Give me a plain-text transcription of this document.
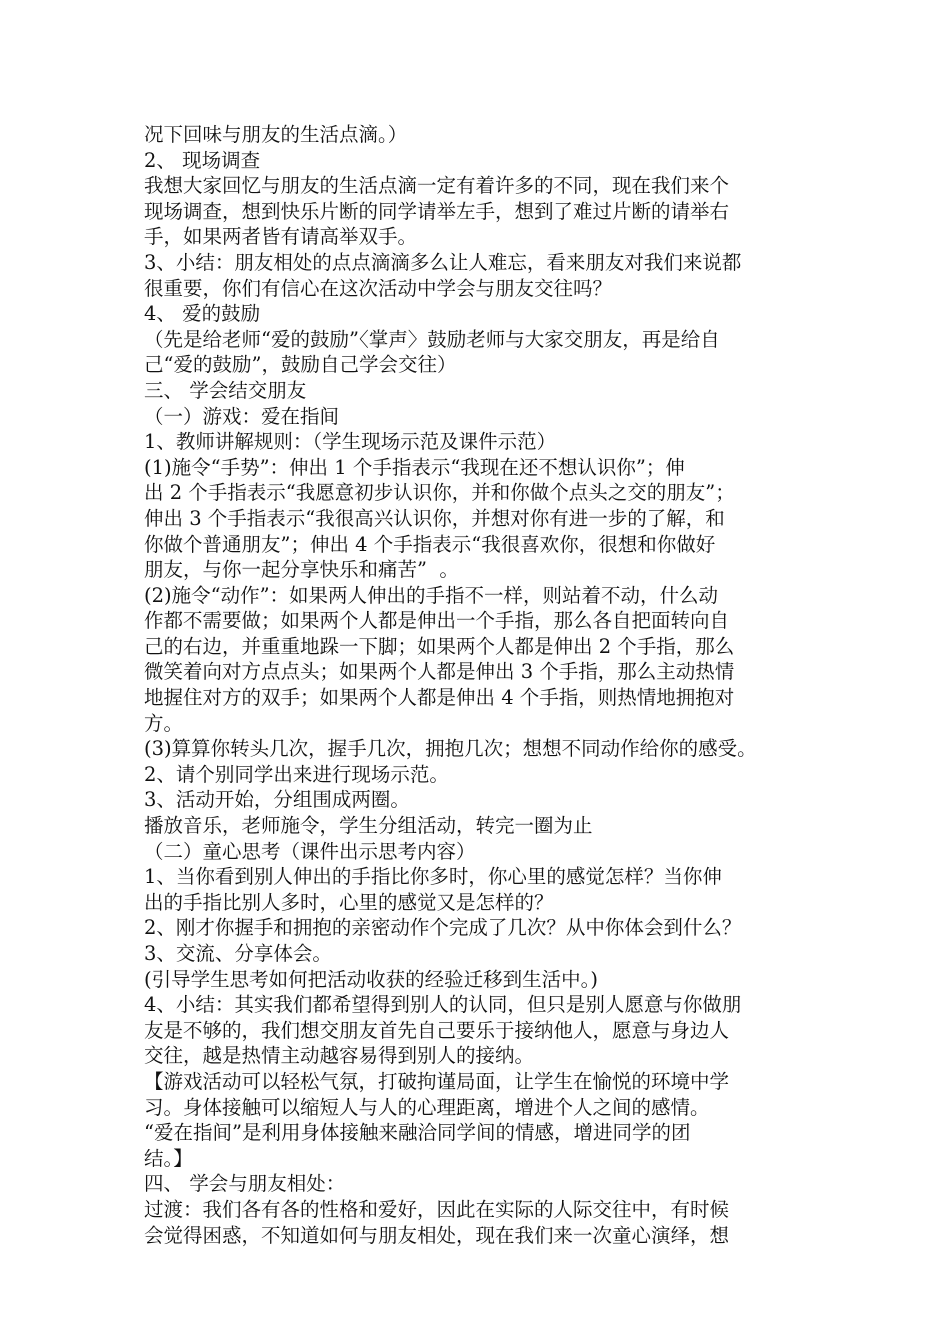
况下回味与朋友的生活点滴。）
2、 现场调查
我想大家回忆与朋友的生活点滴一定有着许多的不同，现在我们来个
现场调查，想到快乐片断的同学请举左手，想到了难过片断的请举右
手，如果两者皆有请高举双手。
3、小结：朋友相处的点点滴滴多么让人难忘，看来朋友对我们来说都
很重要，你们有信心在这次活动中学会与朋友交往吗？
4、 爱的鼓励
（先是给老师“爱的鼓励”〈掌声〉鼓励老师与大家交朋友，再是给自
己“爱的鼓励”，鼓励自己学会交往）
三、 学会结交朋友
（一）游戏：爱在指间
1、教师讲解规则：（学生现场示范及课件示范）
(1)施令“手势”：伸出 1 个手指表示“我现在还不想认识你”；伸
出 2 个手指表示“我愿意初步认识你，并和你做个点头之交的朋友”；
伸出 3 个手指表示“我很高兴认识你，并想对你有进一步的了解，和
你做个普通朋友”；伸出 4 个手指表示“我很喜欢你，很想和你做好
朋友，与你一起分享快乐和痛苦”  。
(2)施令“动作”：如果两人伸出的手指不一样，则站着不动，什么动
作都不需要做；如果两个人都是伸出一个手指，那么各自把面转向自
己的右边，并重重地跺一下脚；如果两个人都是伸出 2 个手指，那么
微笑着向对方点点头；如果两个人都是伸出 3 个手指，那么主动热情
地握住对方的双手；如果两个人都是伸出 4 个手指，则热情地拥抱对
方。
(3)算算你转头几次，握手几次，拥抱几次；想想不同动作给你的感受。
2、请个别同学出来进行现场示范。
3、活动开始，分组围成两圈。
播放音乐，老师施令，学生分组活动，转完一圈为止
（二）童心思考（课件出示思考内容）
1、当你看到别人伸出的手指比你多时，你心里的感觉怎样？当你伸
出的手指比别人多时，心里的感觉又是怎样的？
2、刚才你握手和拥抱的亲密动作个完成了几次？从中你体会到什么？
3、交流、分享体会。
(引导学生思考如何把活动收获的经验迁移到生活中。)
4、小结：其实我们都希望得到别人的认同，但只是别人愿意与你做朋
友是不够的，我们想交朋友首先自己要乐于接纳他人，愿意与身边人
交往，越是热情主动越容易得到别人的接纳。
【游戏活动可以轻松气氛，打破拘谨局面，让学生在愉悦的环境中学
习。身体接触可以缩短人与人的心理距离，增进个人之间的感情。
“爱在指间”是利用身体接触来融洽同学间的情感，增进同学的团
结。】
四、 学会与朋友相处：
过渡：我们各有各的性格和爱好，因此在实际的人际交往中，有时候
会觉得困惑，不知道如何与朋友相处，现在我们来一次童心演绎，想
